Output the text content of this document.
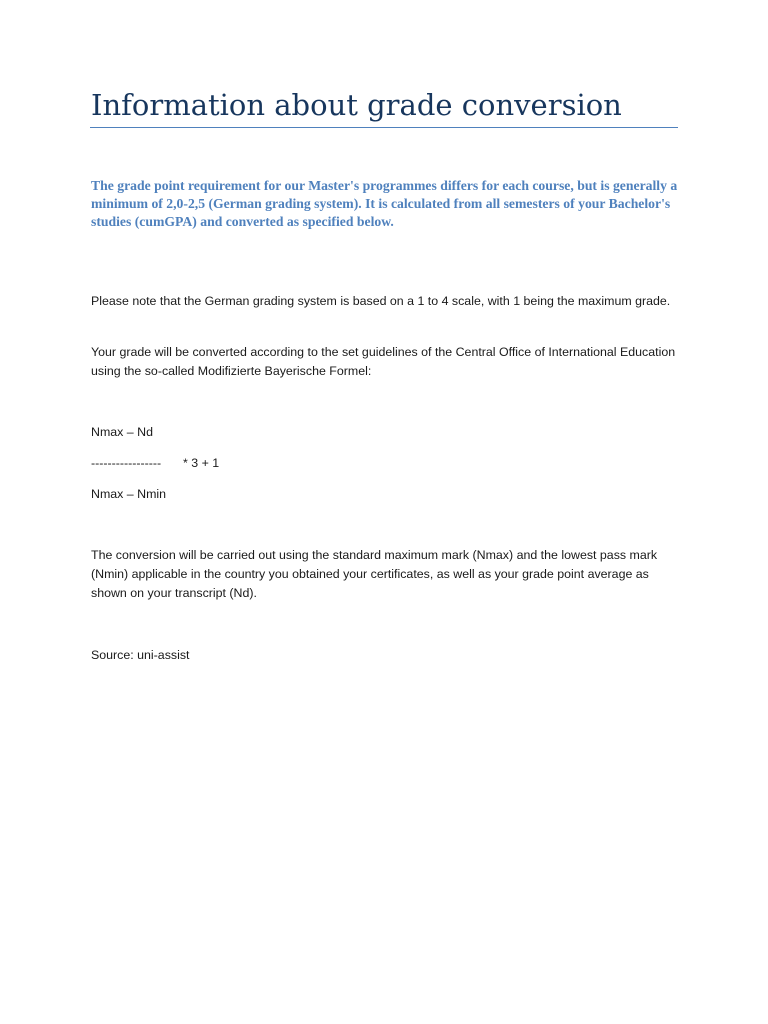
Information about grade conversion

The grade point requirement for our Master's programmes differs for each course, but is generally a minimum of 2,0-2,5 (German grading system). It is calculated from all semesters of your Bachelor's studies (cumGPA) and converted as specified below.

Please note that the German grading system is based on a 1 to 4 scale, with 1 being the maximum grade.

Your grade will be converted according to the set guidelines of the Central Office of International Education using the so-called Modifizierte Bayerische Formel:

Nmax – Nd
----------------- * 3 + 1
Nmax – Nmin

The conversion will be carried out using the standard maximum mark (Nmax) and the lowest pass mark (Nmin) applicable in the country you obtained your certificates, as well as your grade point average as shown on your transcript (Nd).

Source: uni-assist
